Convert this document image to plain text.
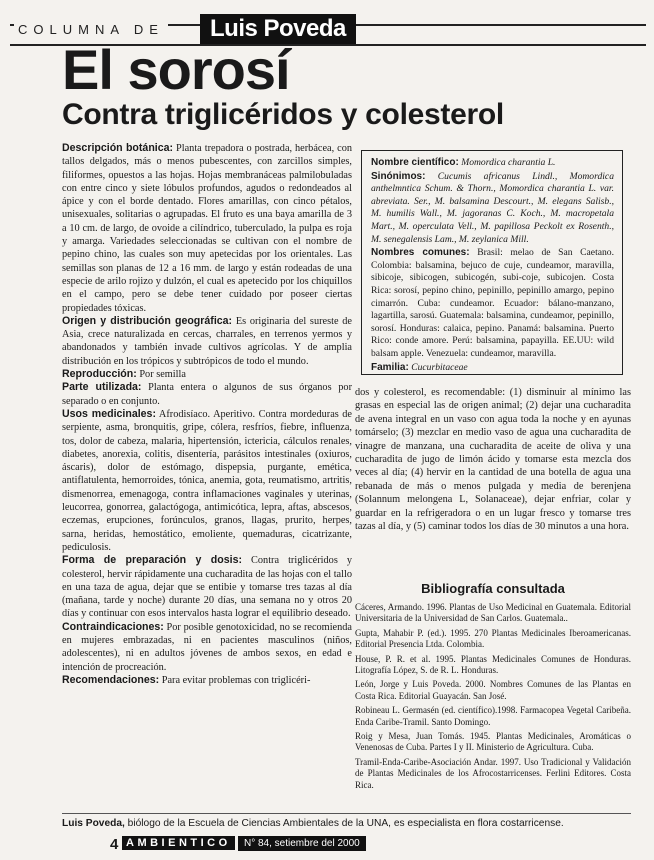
COLUMNA DE	Luis Poveda
El sorosí
Contra triglicéridos y colesterol

Descripción botánica: Planta trepadora o postrada, herbácea, con tallos delgados, más o menos pubescentes, con zarcillos simples, filiformes, opuestos a las hojas. Hojas membranáceas palmilobuladas con entre cinco y siete lóbulos profundos, agudos o redondeados al ápice y con el borde dentado. Flores amarillas, con cinco pétalos, unisexuales, solitarias o agrupadas. El fruto es una baya amarilla de 3 a 10 cm. de largo, de ovoide a cilíndrico, tuberculado, la pulpa es roja y amarga. Variedades seleccionadas se cultivan con el nombre de pepino chino, las cuales son muy apetecidas por los orientales. Las semillas son planas de 12 a 16 mm. de largo y están rodeadas de una especie de arilo rojizo y dulzón, el cual es apetecido por los chiquillos en el campo, pero se debe tener cuidado por poseer ciertas propiedades tóxicas.

Origen y distribución geográfica: Es originaria del sureste de Asia, crece naturalizada en cercas, charrales, en terrenos yermos y abandonados y también invade cultivos agrícolas. Y de amplia distribución en los trópicos y subtrópicos de todo el mundo.

Reproducción: Por semilla

Parte utilizada: Planta entera o algunos de sus órganos por separado o en conjunto.

Usos medicinales: Afrodisíaco. Aperitivo. Contra mordeduras de serpiente, asma, bronquitis, gripe, cólera, resfríos, fiebre, influenza, tos, dolor de cabeza, malaria, hipertensión, ictericia, cálculos renales, diabetes, anorexia, colitis, disentería, parásitos intestinales (oxiuros, áscaris), dolor de estómago, dispepsia, purgante, emética, antiflatulenta, hemorroides, tónica, anemia, gota, reumatismo, artritis, dismenorrea, emenagoga, contra inflamaciones vaginales y uterinas, leucorrea, gonorrea, galactógoga, antimicótica, lepra, aftas, abscesos, eczemas, erupciones, forúnculos, granos, llagas, prurito, herpes, sarna, heridas, hemostático, emoliente, quemaduras, cicatrizante, pediculosis.

Forma de preparación y dosis: Contra triglicéridos y colesterol, hervir rápidamente una cucharadita de las hojas con el tallo en una taza de agua, dejar que se entibie y tomarse tres tazas al día (mañana, tarde y noche) durante 20 días, una semana no y otros 20 días y continuar con esos intervalos hasta lograr el equilibrio deseado.

Contraindicaciones: Por posible genotoxicidad, no se recomienda en mujeres embrazadas, ni en pacientes masculinos (niños, adolescentes), ni en adultos jóvenes de ambos sexos, en edad e intención de procreación.

Recomendaciones: Para evitar problemas con triglicéri-

Nombre científico: Momordica charantia L.

Sinónimos: Cucumis africanus Lindl., Momordica anthelmntica Schum. & Thorn., Momordica charantia L. var. abreviata. Ser., M. balsamina Descourt., M. elegans Salisb., M. humilis Wall., M. jagoranas C. Koch., M. macropetala Mart., M. operculata Vell., M. papillosa Peckolt ex Rosenth., M. senegalensis Lam., M. zeylanica Mill.

Nombres comunes: Brasil: melao de San Caetano. Colombia: balsamina, bejuco de cuje, cundeamor, maravilla, sibicoje, sibicogen, subicogén, subi-coje, subicojen. Costa Rica: sorosí, pepino chino, pepinillo, pepinillo amargo, pepino cimarrón. Cuba: cundeamor. Ecuador: bálano-manzano, lagartilla, sarosú. Guatemala: balsamina, cundeamor, pepinillo, sorosí. Honduras: calaica, pepino. Panamá: balsamina. Puerto Rico: conde amore. Perú: balsamina, papayilla. EE.UU: wild balsam apple. Venezuela: cundeamor, maravilla.

Familia: Cucurbitaceae

dos y colesterol, es recomendable: (1) disminuir al mínimo las grasas en especial las de origen animal; (2) dejar una cucharadita de avena integral en un vaso con agua toda la noche y en ayunas tomárselo; (3) mezclar en medio vaso de agua una cucharadita de vinagre de manzana, una cucharadita de aceite de oliva y una cucharadita de jugo de limón ácido y tomarse esta mezcla dos veces al día; (4) hervir en la cantidad de una botella de agua una rebanada de más o menos pulgada y media de berenjena (Solannum melongena L, Solanaceae), dejar enfriar, colar y guardar en la refrigeradora o en un lugar fresco y tomarse tres tazas al día, y (5) caminar todos los días de 30 minutos a una hora.

Bibliografía consultada

Cáceres, Armando. 1996. Plantas de Uso Medicinal en Guatemala. Editorial Universitaria de la Universidad de San Carlos. Guatemala..

Gupta, Mahabir P. (ed.). 1995. 270 Plantas Medicinales Iberoamericanas. Editorial Presencia Ltda. Colombia.

House, P. R. et al. 1995. Plantas Medicinales Comunes de Honduras. Litografía López, S. de R. L. Honduras.

León, Jorge y Luis Poveda. 2000. Nombres Comunes de las Plantas en Costa Rica. Editorial Guayacán. San José.

Robineau L. Germasén (ed. científico).1998. Farmacopea Vegetal Caribeña. Enda Caribe-Tramil. Santo Domingo.

Roig y Mesa, Juan Tomás. 1945. Plantas Medicinales, Aromáticas o Venenosas de Cuba. Partes I y II. Ministerio de Agricultura. Cuba.

Tramil-Enda-Caribe-Asociación Andar. 1997. Uso Tradicional y Validación de Plantas Medicinales de los Afrocostarricenses. Ferlini Editores. Costa Rica.

Luis Poveda, biólogo de la Escuela de Ciencias Ambientales de la UNA, es especialista en flora costarricense.
4 AMBIENTICO	N° 84, setiembre del 2000
